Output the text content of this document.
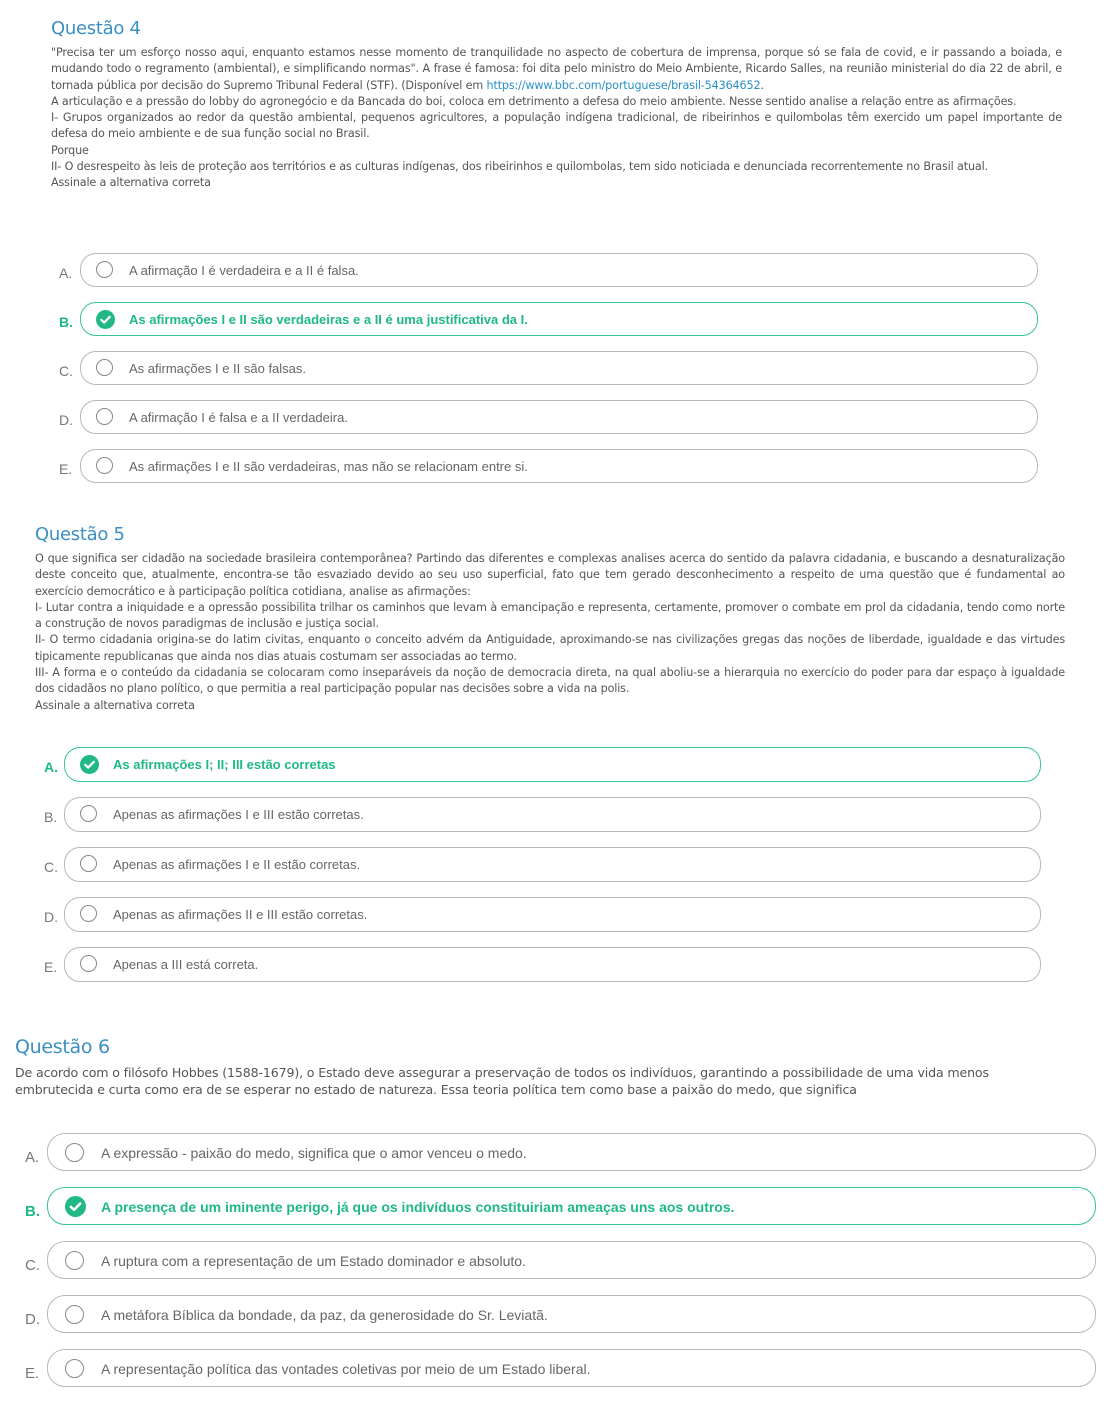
Questão 4

"Precisa ter um esforço nosso aqui, enquanto estamos nesse momento de tranquilidade no aspecto de cobertura de imprensa, porque só se fala de covid, e ir passando a boiada, e mudando todo o regramento (ambiental), e simplificando normas". A frase é famosa: foi dita pelo ministro do Meio Ambiente, Ricardo Salles, na reunião ministerial do dia 22 de abril, e tornada pública por decisão do Supremo Tribunal Federal (STF). (Disponível em https://www.bbc.com/portuguese/brasil-54364652.

A articulação e a pressão do lobby do agronegócio e da Bancada do boi, coloca em detrimento a defesa do meio ambiente. Nesse sentido analise a relação entre as afirmações.

I- Grupos organizados ao redor da questão ambiental, pequenos agricultores, a população indígena tradicional, de ribeirinhos e quilombolas têm exercido um papel importante de defesa do meio ambiente e de sua função social no Brasil.

Porque

II- O desrespeito às leis de proteção aos territórios e as culturas indígenas, dos ribeirinhos e quilombolas, tem sido noticiada e denunciada recorrentemente no Brasil atual.

Assinale a alternativa correta

A.	A afirmação I é verdadeira e a II é falsa.
B.	As afirmações I e II são verdadeiras e a II é uma justificativa da I.
C.	As afirmações I e II são falsas.
D.	A afirmação I é falsa e a II verdadeira.
E.	As afirmações I e II são verdadeiras, mas não se relacionam entre si.
Questão 5

O que significa ser cidadão na sociedade brasileira contemporânea? Partindo das diferentes e complexas analises acerca do sentido da palavra cidadania, e buscando a desnaturalização deste conceito que, atualmente, encontra-se tão esvaziado devido ao seu uso superficial, fato que tem gerado desconhecimento a respeito de uma questão que é fundamental ao exercício democrático e à participação política cotidiana, analise as afirmações:

I- Lutar contra a iniquidade e a opressão possibilita trilhar os caminhos que levam à emancipação e representa, certamente, promover o combate em prol da cidadania, tendo como norte a construção de novos paradigmas de inclusão e justiça social.

II- O termo cidadania origina-se do latim civitas, enquanto o conceito advém da Antiguidade, aproximando-se nas civilizações gregas das noções de liberdade, igualdade e das virtudes tipicamente republicanas que ainda nos dias atuais costumam ser associadas ao termo.

III- A forma e o conteúdo da cidadania se colocaram como inseparáveis da noção de democracia direta, na qual aboliu-se a hierarquia no exercício do poder para dar espaço à igualdade dos cidadãos no plano político, o que permitia a real participação popular nas decisões sobre a vida na polis.

Assinale a alternativa correta

A.	As afirmações I; II; III estão corretas
B.	Apenas as afirmações I e III estão corretas.
C.	Apenas as afirmações I e II estão corretas.
D.	Apenas as afirmações II e III estão corretas.
E.	Apenas a III está correta.
Questão 6

De acordo com o filósofo Hobbes (1588-1679), o Estado deve assegurar a preservação de todos os indivíduos, garantindo a possibilidade de uma vida menos embrutecida e curta como era de se esperar no estado de natureza. Essa teoria política tem como base a paixão do medo, que significa

A.	A expressão - paixão do medo, significa que o amor venceu o medo.
B.	A presença de um iminente perigo, já que os indivíduos constituiriam ameaças uns aos outros.
C.	A ruptura com a representação de um Estado dominador e absoluto.
D.	A metáfora Bíblica da bondade, da paz, da generosidade do Sr. Leviatã.
E.	A representação política das vontades coletivas por meio de um Estado liberal.
